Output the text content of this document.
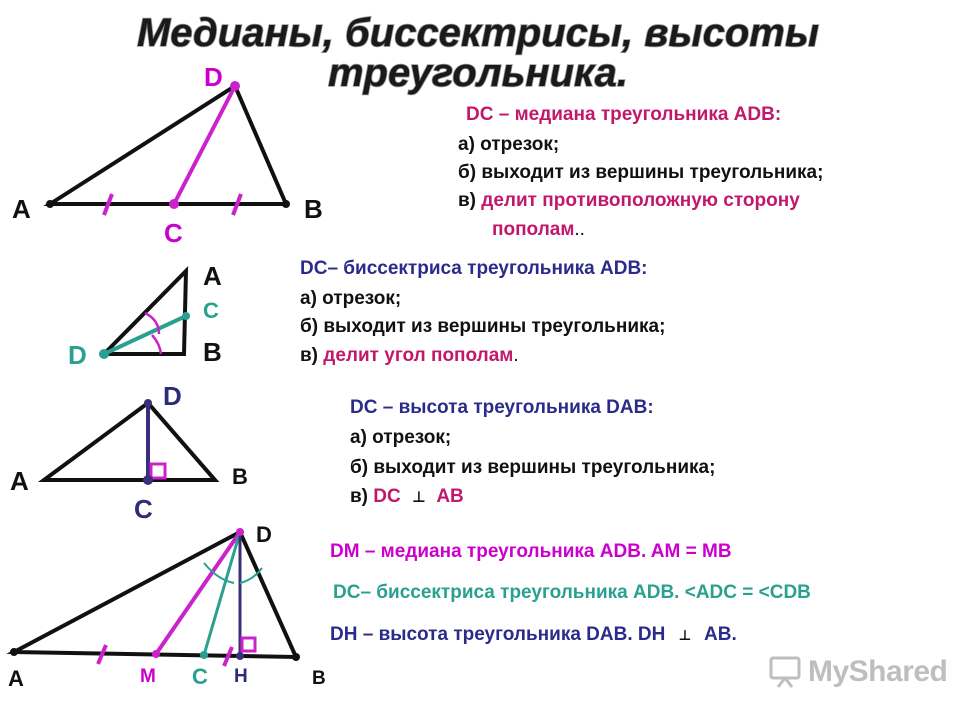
Медианы, биссектрисы, высоты
треугольника.
A	B
C
D
A
C
B
D
A	B
C
D
A	B
D
M C H
DC – медиана треугольника ADB:
а) отрезок;
б) выходит из вершины треугольника;
в) делит противоположную сторону
пополам..
DC– биссектриса треугольника ADB:
а) отрезок;
б) выходит из вершины треугольника;
в) делит угол пополам.
DC – высота треугольника DAB:
а) отрезок;
б) выходит из вершины треугольника;
в) DC ⊥ AB
DM – медиана треугольника ADB. AM = MB
DC– биссектриса треугольника ADB. <ADC = <CDB
DH – высота треугольника DAB. DH ⊥ AB.
MyShared
